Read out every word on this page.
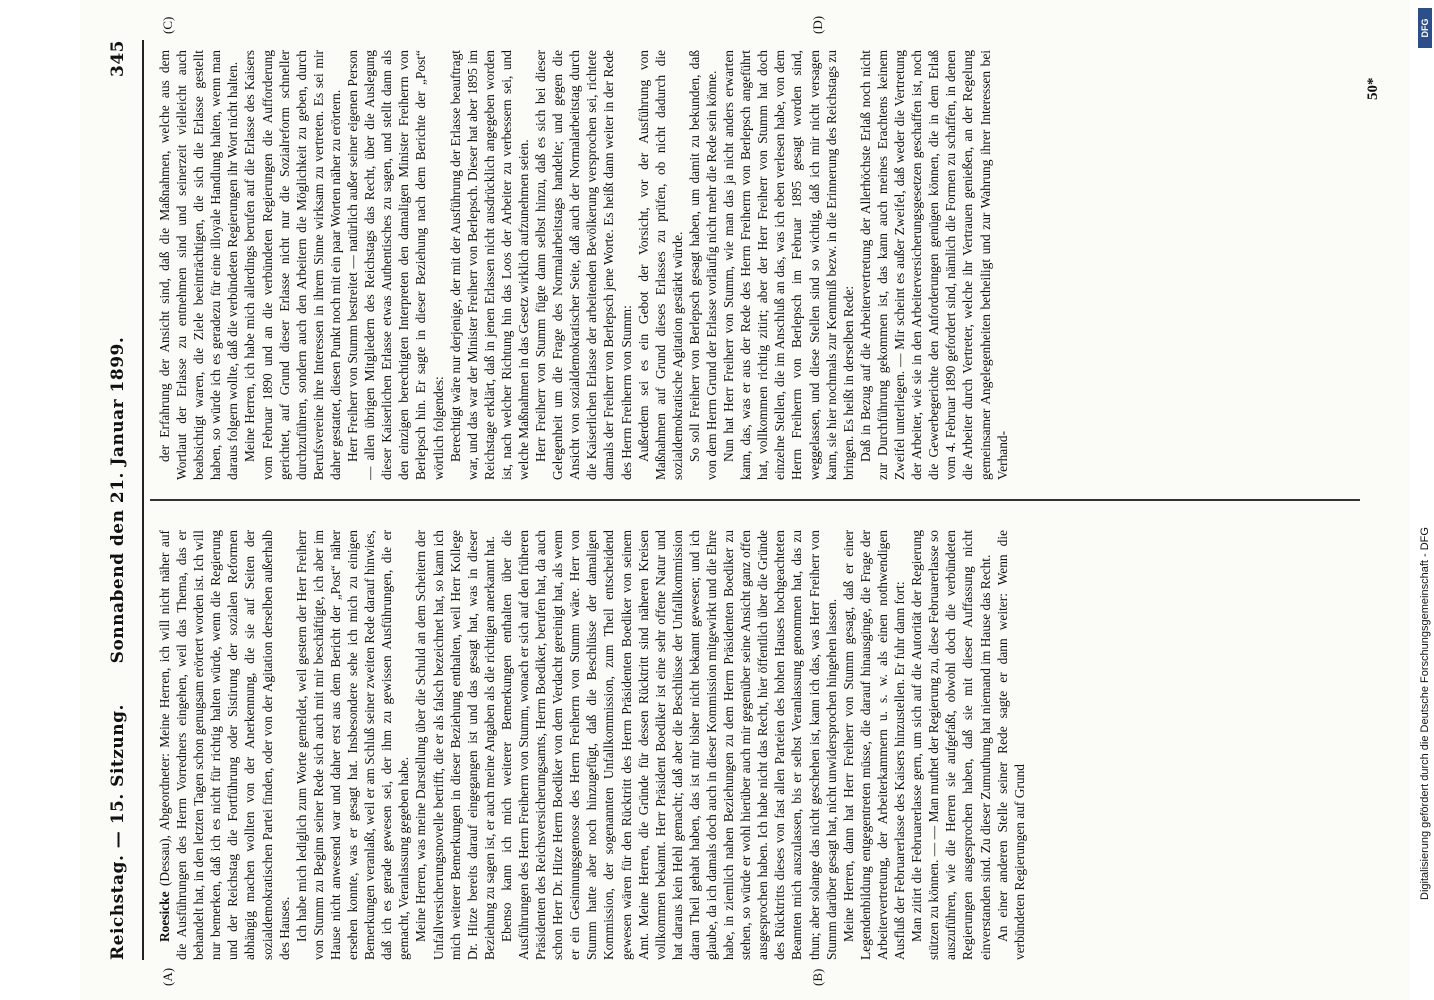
Reichstag. — 15. Sitzung.
Sonnabend den 21. Januar 1899.
345
(A)	(B)
(C)	(D)

Roesicke (Dessau), Abgeordneter: Meine Herren, ich will nicht näher auf die Ausführungen des Herrn Vorredners eingehen, weil das Thema, das er behandelt hat, in den letzten Tagen schon genugsam erörtert worden ist. Ich will nur bemerken, daß ich es nicht für richtig halten würde, wenn die Regierung und der Reichstag die Fortführung oder Sistirung der sozialen Reformen abhängig machen wollten von der Anerkennung, die sie auf Seiten der sozialdemokratischen Partei finden, oder von der Agitation derselben außerhalb des Hauses. Ich habe mich lediglich zum Worte gemeldet, weil gestern der Herr Freiherr von Stumm zu Beginn seiner Rede sich auch mit mir beschäftigte, ich aber im Hause nicht anwesend war und daher erst aus dem Bericht der „Post“ näher ersehen konnte, was er gesagt hat. Insbesondere sehe ich mich zu einigen Bemerkungen veranlaßt, weil er am Schluß seiner zweiten Rede darauf hinwies, daß ich es gerade gewesen sei, der ihm zu gewissen Ausführungen, die er gemacht, Veranlassung gegeben habe. Meine Herren, was meine Darstellung über die Schuld an dem Scheitern der Unfallversicherungsnovelle betrifft, die er als falsch bezeichnet hat, so kann ich mich weiterer Bemerkungen in dieser Beziehung enthalten, weil Herr Kollege Dr. Hitze bereits darauf eingegangen ist und das gesagt hat, was in dieser Beziehung zu sagen ist, er auch meine Angaben als die richtigen anerkannt hat. Ebenso kann ich mich weiterer Bemerkungen enthalten über die Ausführungen des Herrn Freiherrn von Stumm, wonach er sich auf den früheren Präsidenten des Reichsversicherungsamts, Herrn Boediker, berufen hat, da auch schon Herr Dr. Hitze Herrn Boediker von dem Verdacht gereinigt hat, als wenn er ein Gesinnungsgenosse des Herrn Freiherrn von Stumm wäre. Herr von Stumm hatte aber noch hinzugefügt, daß die Beschlüsse der damaligen Kommission, der sogenannten Unfallkommission, zum Theil entscheidend gewesen wären für den Rücktritt des Herrn Präsidenten Boediker von seinem Amt. Meine Herren, die Gründe für dessen Rücktritt sind näheren Kreisen vollkommen bekannt. Herr Präsident Boediker ist eine sehr offene Natur und hat daraus kein Hehl gemacht; daß aber die Beschlüsse der Unfallkommission daran Theil gehabt haben, das ist mir bisher nicht bekannt gewesen; und ich glaube, da ich damals doch auch in dieser Kommission mitgewirkt und die Ehre habe, in ziemlich nahen Beziehungen zu dem Herrn Präsidenten Boediker zu stehen, so würde er wohl hierüber auch mir gegenüber seine Ansicht ganz offen ausgesprochen haben. Ich habe nicht das Recht, hier öffentlich über die Gründe des Rücktritts dieses von fast allen Parteien des hohen Hauses hochgeachteten Beamten mich auszulassen, bis er selbst Veranlassung genommen hat, das zu thun; aber solange das nicht geschehen ist, kann ich das, was Herr Freiherr von Stumm darüber gesagt hat, nicht unwidersprochen hingehen lassen. Meine Herren, dann hat Herr Freiherr von Stumm gesagt, daß er einer Legendenbildung entgegentreten müsse, die darauf hinausginge, die Frage der Arbeitervertretung, der Arbeiterkammern u. s. w. als einen nothwendigen Ausfluß der Februarerlasse des Kaisers hinzustellen. Er fuhr dann fort: Man zitirt die Februarerlasse gern, um sich auf die Autorität der Regierung stützen zu können. — — Man muthet der Regierung zu, diese Februarerlasse so auszuführen, wie die Herren sie aufgefaßt, obwohl doch die verbündeten Regierungen ausgesprochen haben, daß sie mit dieser Auffassung nicht einverstanden sind. Zu dieser Zumuthung hat niemand im Hause das Recht. An einer anderen Stelle seiner Rede sagte er dann weiter: Wenn die verbündeten Regierungen auf Grund

der Erfahrung der Ansicht sind, daß die Maßnahmen, welche aus dem Wortlaut der Erlasse zu entnehmen sind und seinerzeit vielleicht auch beabsichtigt waren, die Ziele beeinträchtigen, die sich die Erlasse gestellt haben, so würde ich es geradezu für eine illoyale Handlung halten, wenn man daraus folgern wollte, daß die verbündeten Regierungen ihr Wort nicht halten. Meine Herren, ich habe mich allerdings berufen auf die Erlasse des Kaisers vom Februar 1890 und an die verbündeten Regierungen die Aufforderung gerichtet, auf Grund dieser Erlasse nicht nur die Sozialreform schneller durchzuführen, sondern auch den Arbeitern die Möglichkeit zu geben, durch Berufsvereine ihre Interessen in ihrem Sinne wirksam zu vertreten. Es sei mir daher gestattet, diesen Punkt noch mit ein paar Worten näher zu erörtern. Herr Freiherr von Stumm bestreitet — natürlich außer seiner eigenen Person — allen übrigen Mitgliedern des Reichstags das Recht, über die Auslegung dieser Kaiserlichen Erlasse etwas Authentisches zu sagen, und stellt dann als den einzigen berechtigten Interpreten den damaligen Minister Freiherrn von Berlepsch hin. Er sagte in dieser Beziehung nach dem Berichte der „Post“ wörtlich folgendes: Berechtigt wäre nur derjenige, der mit der Ausführung der Erlasse beauftragt war, und das war der Minister Freiherr von Berlepsch. Dieser hat aber 1895 im Reichstage erklärt, daß in jenen Erlassen nicht ausdrücklich angegeben worden ist, nach welcher Richtung hin das Loos der Arbeiter zu verbessern sei, und welche Maßnahmen in das Gesetz wirklich aufzunehmen seien. Herr Freiherr von Stumm fügte dann selbst hinzu, daß es sich bei dieser Gelegenheit um die Frage des Normalarbeitstags handelte; und gegen die Ansicht von sozialdemokratischer Seite, daß auch der Normalarbeitstag durch die Kaiserlichen Erlasse der arbeitenden Bevölkerung versprochen sei, richtete damals der Freiherr von Berlepsch jene Worte. Es heißt dann weiter in der Rede des Herrn Freiherrn von Stumm: Außerdem sei es ein Gebot der Vorsicht, vor der Ausführung von Maßnahmen auf Grund dieses Erlasses zu prüfen, ob nicht dadurch die sozialdemokratische Agitation gestärkt würde. So soll Freiherr von Berlepsch gesagt haben, um damit zu bekunden, daß von dem Herrn Grund der Erlasse vorläufig nicht mehr die Rede sein könne. Nun hat Herr Freiherr von Stumm, wie man das ja nicht anders erwarten kann, das, was er aus der Rede des Herrn Freiherrn von Berlepsch angeführt hat, vollkommen richtig zitirt; aber der Herr Freiherr von Stumm hat doch einzelne Stellen, die im Anschluß an das, was ich eben verlesen habe, von dem Herrn Freiherrn von Berlepsch im Februar 1895 gesagt worden sind, weggelassen, und diese Stellen sind so wichtig, daß ich mir nicht versagen kann, sie hier nochmals zur Kenntniß bezw. in die Erinnerung des Reichstags zu bringen. Es heißt in derselben Rede: Daß in Bezug auf die Arbeitervertretung der Allerhöchste Erlaß noch nicht zur Durchführung gekommen ist, das kann auch meines Erachtens keinem Zweifel unterliegen. — Mir scheint es außer Zweifel, daß weder die Vertretung der Arbeiter, wie sie in den Arbeiterversicherungsgesetzen geschaffen ist, noch die Gewerbegerichte den Anforderungen genügen können, die in dem Erlaß vom 4. Februar 1890 gefordert sind, nämlich die Formen zu schaffen, in denen die Arbeiter durch Vertreter, welche ihr Vertrauen genießen, an der Regelung gemeinsamer Angelegenheiten betheiligt und zur Wahrung ihrer Interessen bei Verhand-

50*
Digitalisierung gefördert durch die Deutsche Forschungsgemeinschaft - DFG
DFG
